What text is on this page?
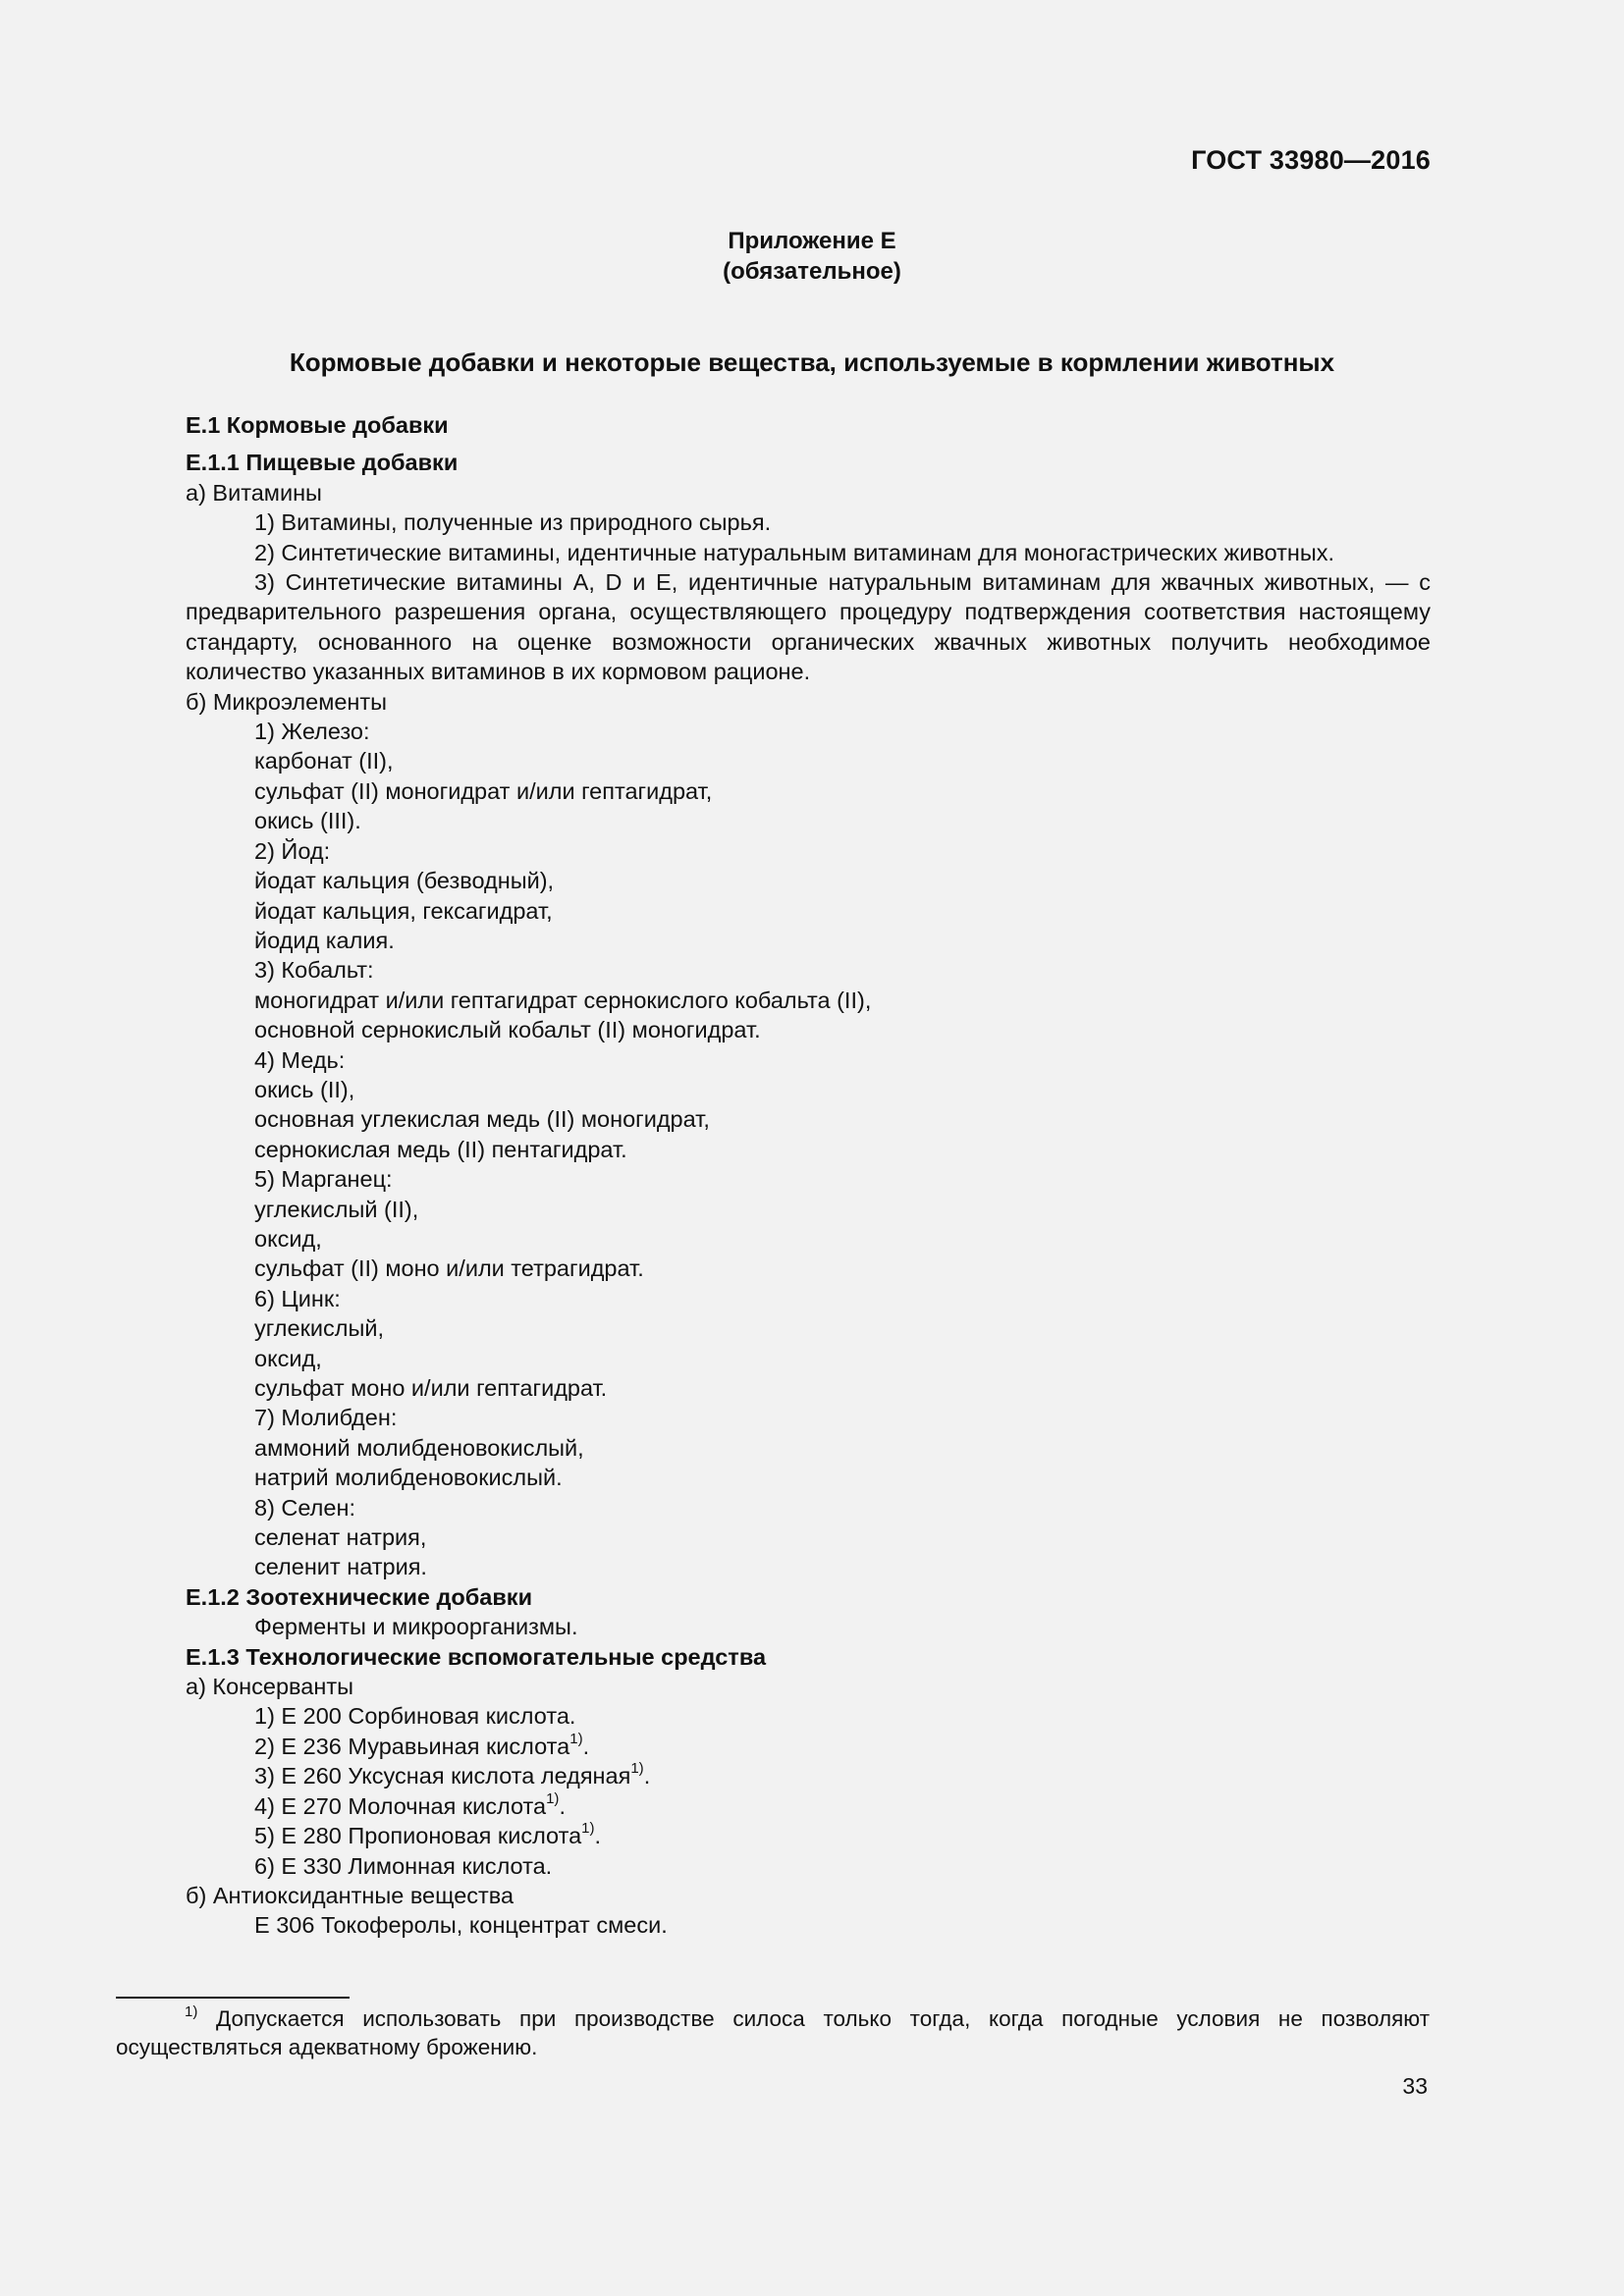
ГОСТ 33980—2016
Приложение Е
(обязательное)
Кормовые добавки и некоторые вещества, используемые в кормлении животных
Е.1 Кормовые добавки
Е.1.1 Пищевые добавки
а) Витамины
1) Витамины, полученные из природного сырья.
2) Синтетические витамины, идентичные натуральным витаминам для моногастрических животных.
3) Синтетические витамины А, D и Е, идентичные натуральным витаминам для жвачных животных, — с предварительного разрешения органа, осуществляющего процедуру подтверждения соответствия настоящему стандарту, основанного на оценке возможности органических жвачных животных получить необходимое количество указанных витаминов в их кормовом рационе.
б) Микроэлементы
1) Железо:
карбонат (II),
сульфат (II) моногидрат и/или гептагидрат,
окись (III).
2) Йод:
йодат кальция (безводный),
йодат кальция, гексагидрат,
йодид калия.
3) Кобальт:
моногидрат и/или гептагидрат сернокислого кобальта (II),
основной сернокислый кобальт (II) моногидрат.
4) Медь:
окись (II),
основная углекислая медь (II) моногидрат,
сернокислая медь (II) пентагидрат.
5) Марганец:
углекислый (II),
оксид,
сульфат (II) моно и/или тетрагидрат.
6) Цинк:
углекислый,
оксид,
сульфат моно и/или гептагидрат.
7) Молибден:
аммоний молибденовокислый,
натрий молибденовокислый.
8) Селен:
селенат натрия,
селенит натрия.
Е.1.2 Зоотехнические добавки
Ферменты и микроорганизмы.
Е.1.3 Технологические вспомогательные средства
а) Консерванты
1) Е 200 Сорбиновая кислота.
2) Е 236 Муравьиная кислота$^{1)}$.
3) Е 260 Уксусная кислота ледяная$^{1)}$.
4) Е 270 Молочная кислота$^{1)}$.
5) Е 280 Пропионовая кислота$^{1)}$.
6) Е 330 Лимонная кислота.
б) Антиоксидантные вещества
Е 306 Токоферолы, концентрат смеси.
$^{1)}$ Допускается использовать при производстве силоса только тогда, когда погодные условия не позволяют осуществляться адекватному брожению.
33
